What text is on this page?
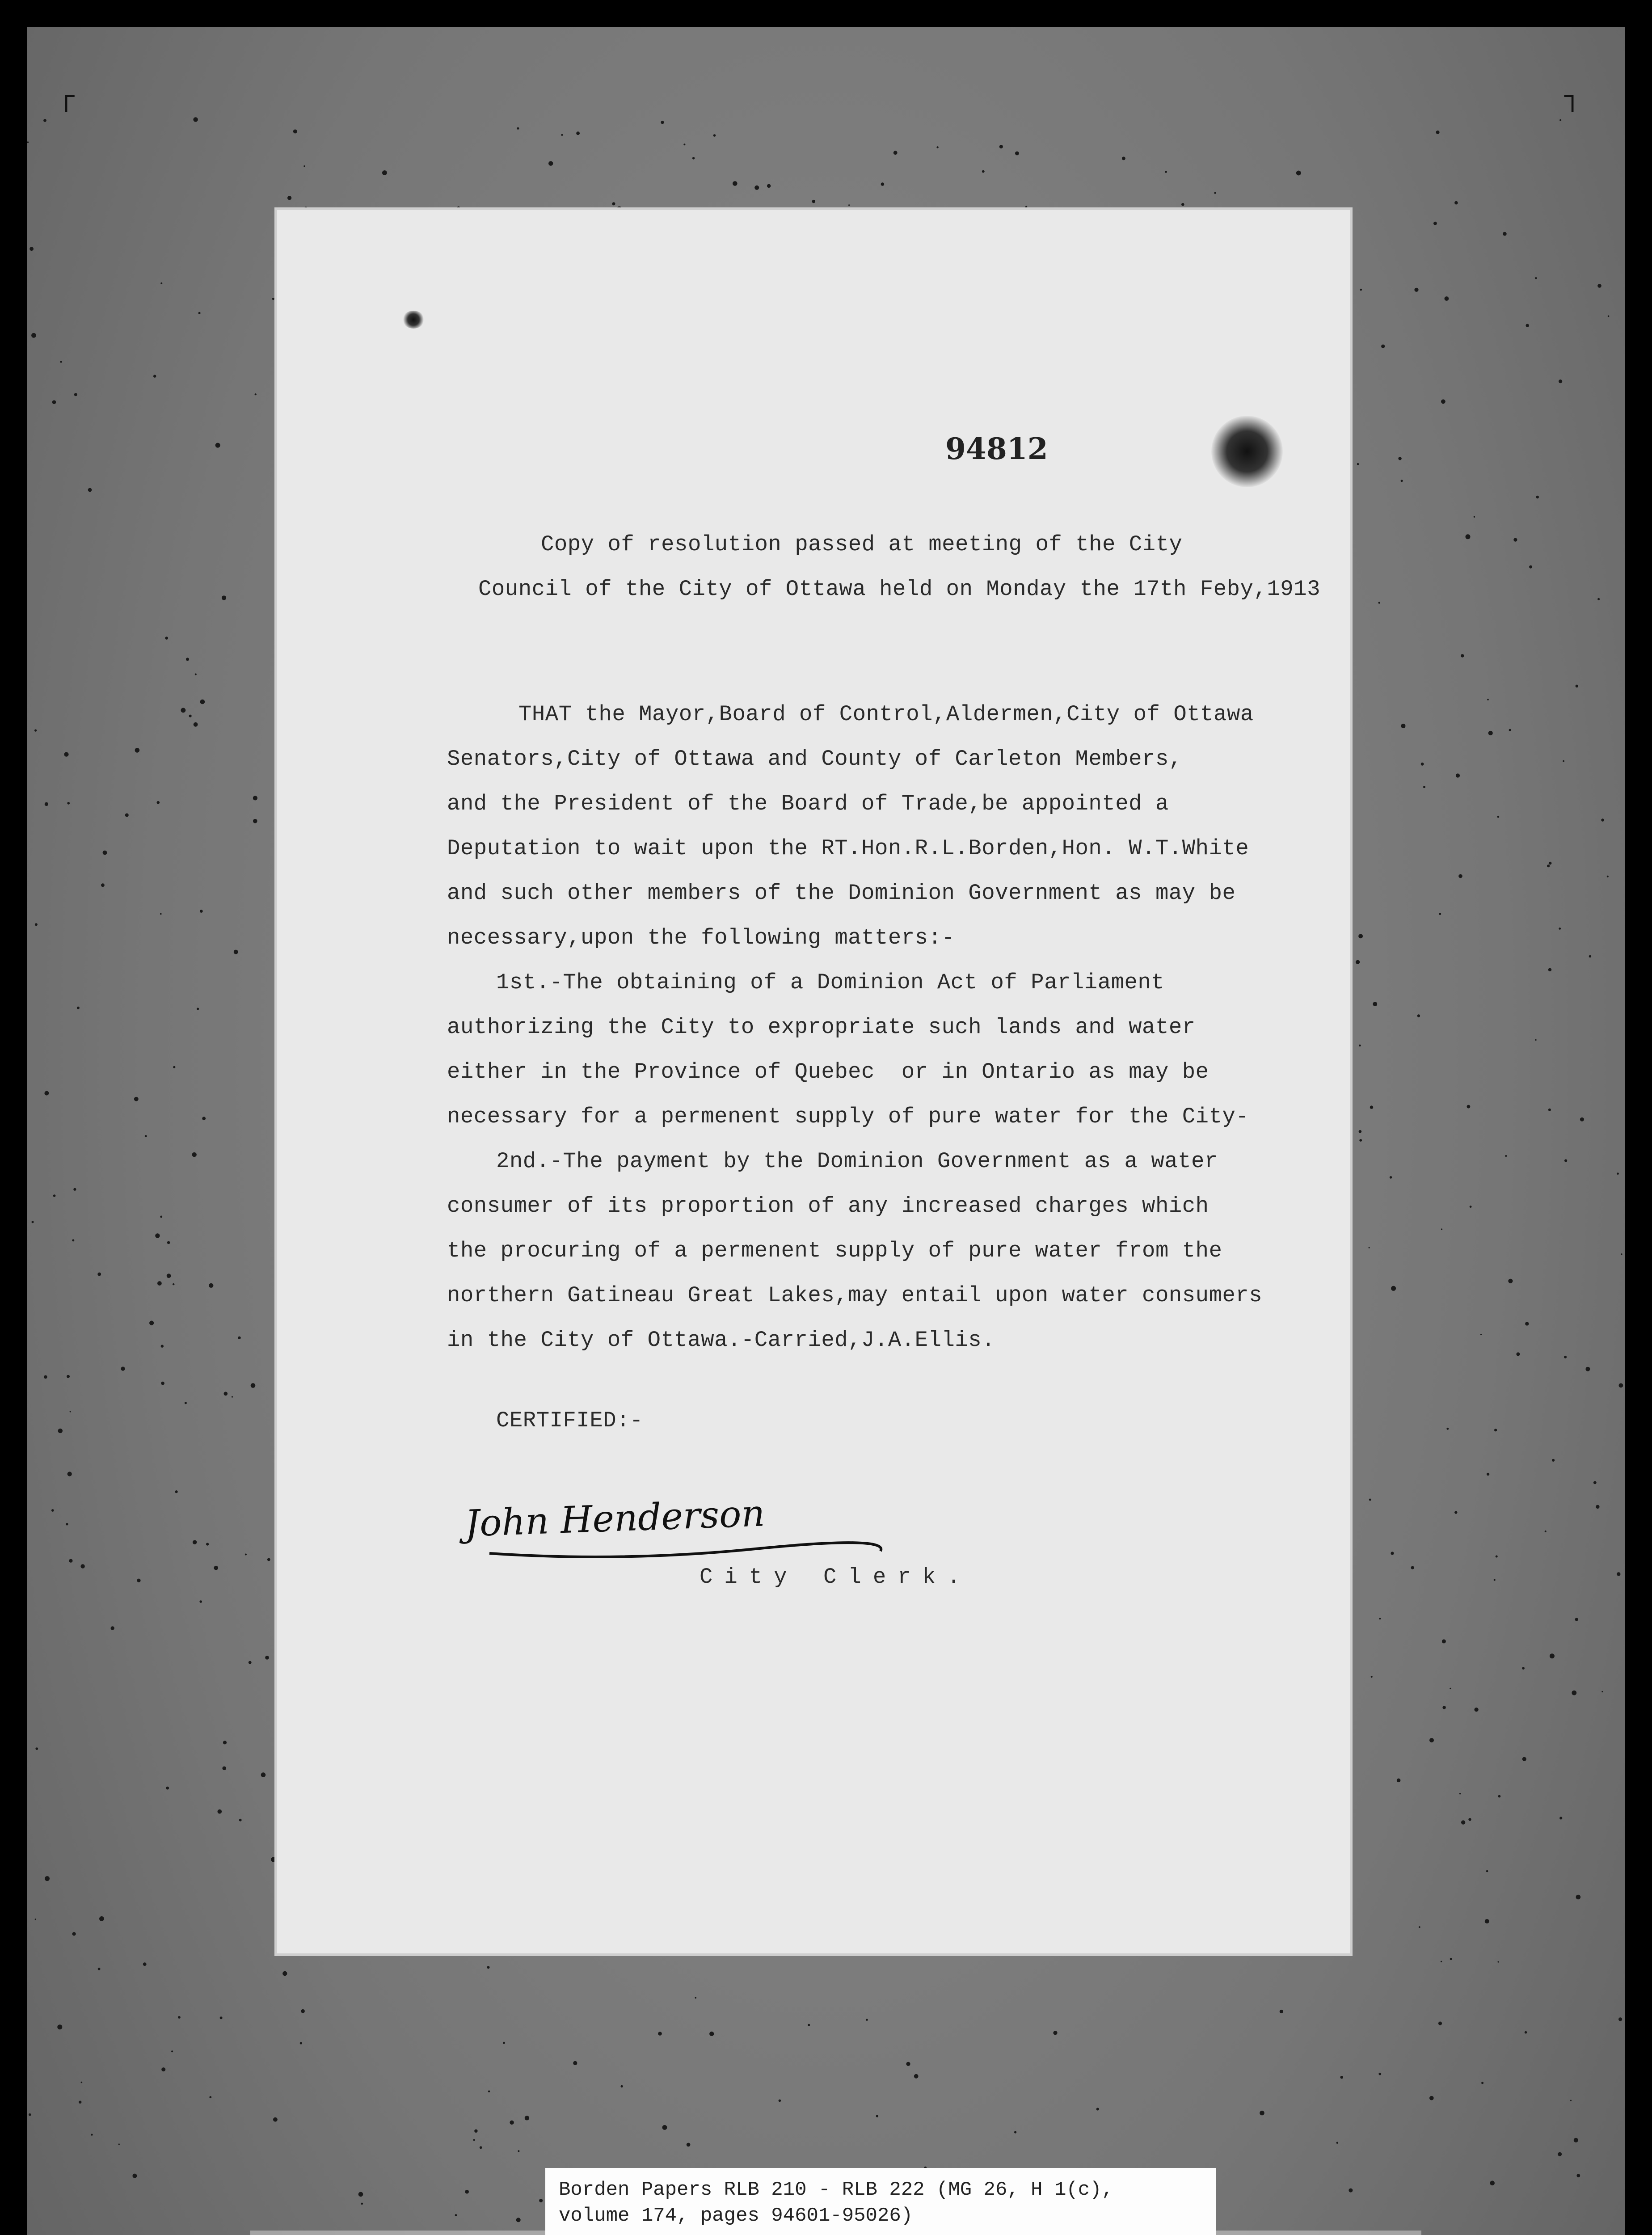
┌	┐
94812
Copy of resolution passed at meeting of the City
Council of the City of Ottawa held on Monday the 17th Feby,1913
THAT the Mayor,Board of Control,Aldermen,City of Ottawa
Senators,City of Ottawa and County of Carleton Members,
and the President of the Board of Trade,be appointed a
Deputation to wait upon the RT.Hon.R.L.Borden,Hon. W.T.White
and such other members of the Dominion Government as may be
necessary,upon the following matters:-
1st.-The obtaining of a Dominion Act of Parliament
authorizing the City to expropriate such lands and water
either in the Province of Quebec  or in Ontario as may be
necessary for a permenent supply of pure water for the City-
2nd.-The payment by the Dominion Government as a water
consumer of its proportion of any increased charges which
the procuring of a permenent supply of pure water from the
northern Gatineau Great Lakes,may entail upon water consumers
in the City of Ottawa.-Carried,J.A.Ellis.
CERTIFIED:-
John Henderson
City Clerk.
Borden Papers RLB 210 - RLB 222 (MG 26, H 1(c),
volume 174, pages 94601-95026)
